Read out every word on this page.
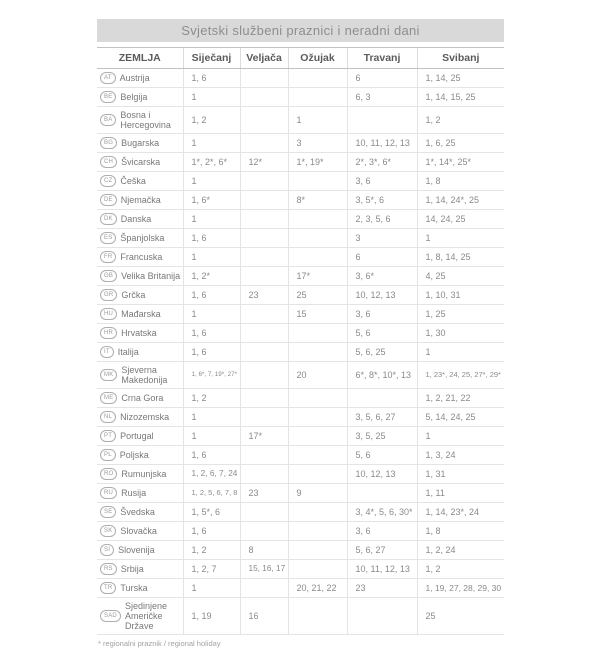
Svjetski službeni praznici i neradni dani
ZEMLJA	Siječanj	Veljača	Ožujak	Travanj	Svibanj

AT Austrija	1, 6			6	1, 14, 25

BE Belgija	1			6, 3	1, 14, 15, 25

BA Bosna i Hercegovina	1, 2		1		1, 2

BG Bugarska	1		3	10, 11, 12, 13	1, 6, 25

CH Švicarska	1*, 2*, 6*	12*	1*, 19*	2*, 3*, 6*	1*, 14*, 25*

CZ Češka	1			3, 6	1, 8

DE Njemačka	1, 6*		8*	3, 5*, 6	1, 14, 24*, 25

DK Danska	1			2, 3, 5, 6	14, 24, 25

ES Španjolska	1, 6			3	1

FR Francuska	1			6	1, 8, 14, 25

GB Velika Britanija	1, 2*		17*	3, 6*	4, 25

GR Grčka	1, 6	23	25	10, 12, 13	1, 10, 31

HU Mađarska	1		15	3, 6	1, 25

HR Hrvatska	1, 6			5, 6	1, 30

IT Italija	1, 6			5, 6, 25	1

MK Sjeverna Makedonija	1, 6*, 7, 19*, 27*		20	6*, 8*, 10*, 13	1, 23*, 24, 25, 27*, 29*

ME Crna Gora	1, 2				1, 2, 21, 22

NL Nizozemska	1			3, 5, 6, 27	5, 14, 24, 25

PT Portugal	1	17*		3, 5, 25	1

PL Poljska	1, 6			5, 6	1, 3, 24

RO Rumunjska	1, 2, 6, 7, 24			10, 12, 13	1, 31

RU Rusija	1, 2, 5, 6, 7, 8	23	9		1, 11

SE Švedska	1, 5*, 6			3, 4*, 5, 6, 30*	1, 14, 23*, 24

SK Slovačka	1, 6			3, 6	1, 8

SI Slovenija	1, 2	8		5, 6, 27	1, 2, 24

RS Srbija	1, 2, 7	15, 16, 17		10, 11, 12, 13	1, 2

TR Turska	1		20, 21, 22	23	1, 19, 27, 28, 29, 30

SAD
Sjedinjene Američke Države	1, 19	16			25
* regionalni praznik / regional holiday
